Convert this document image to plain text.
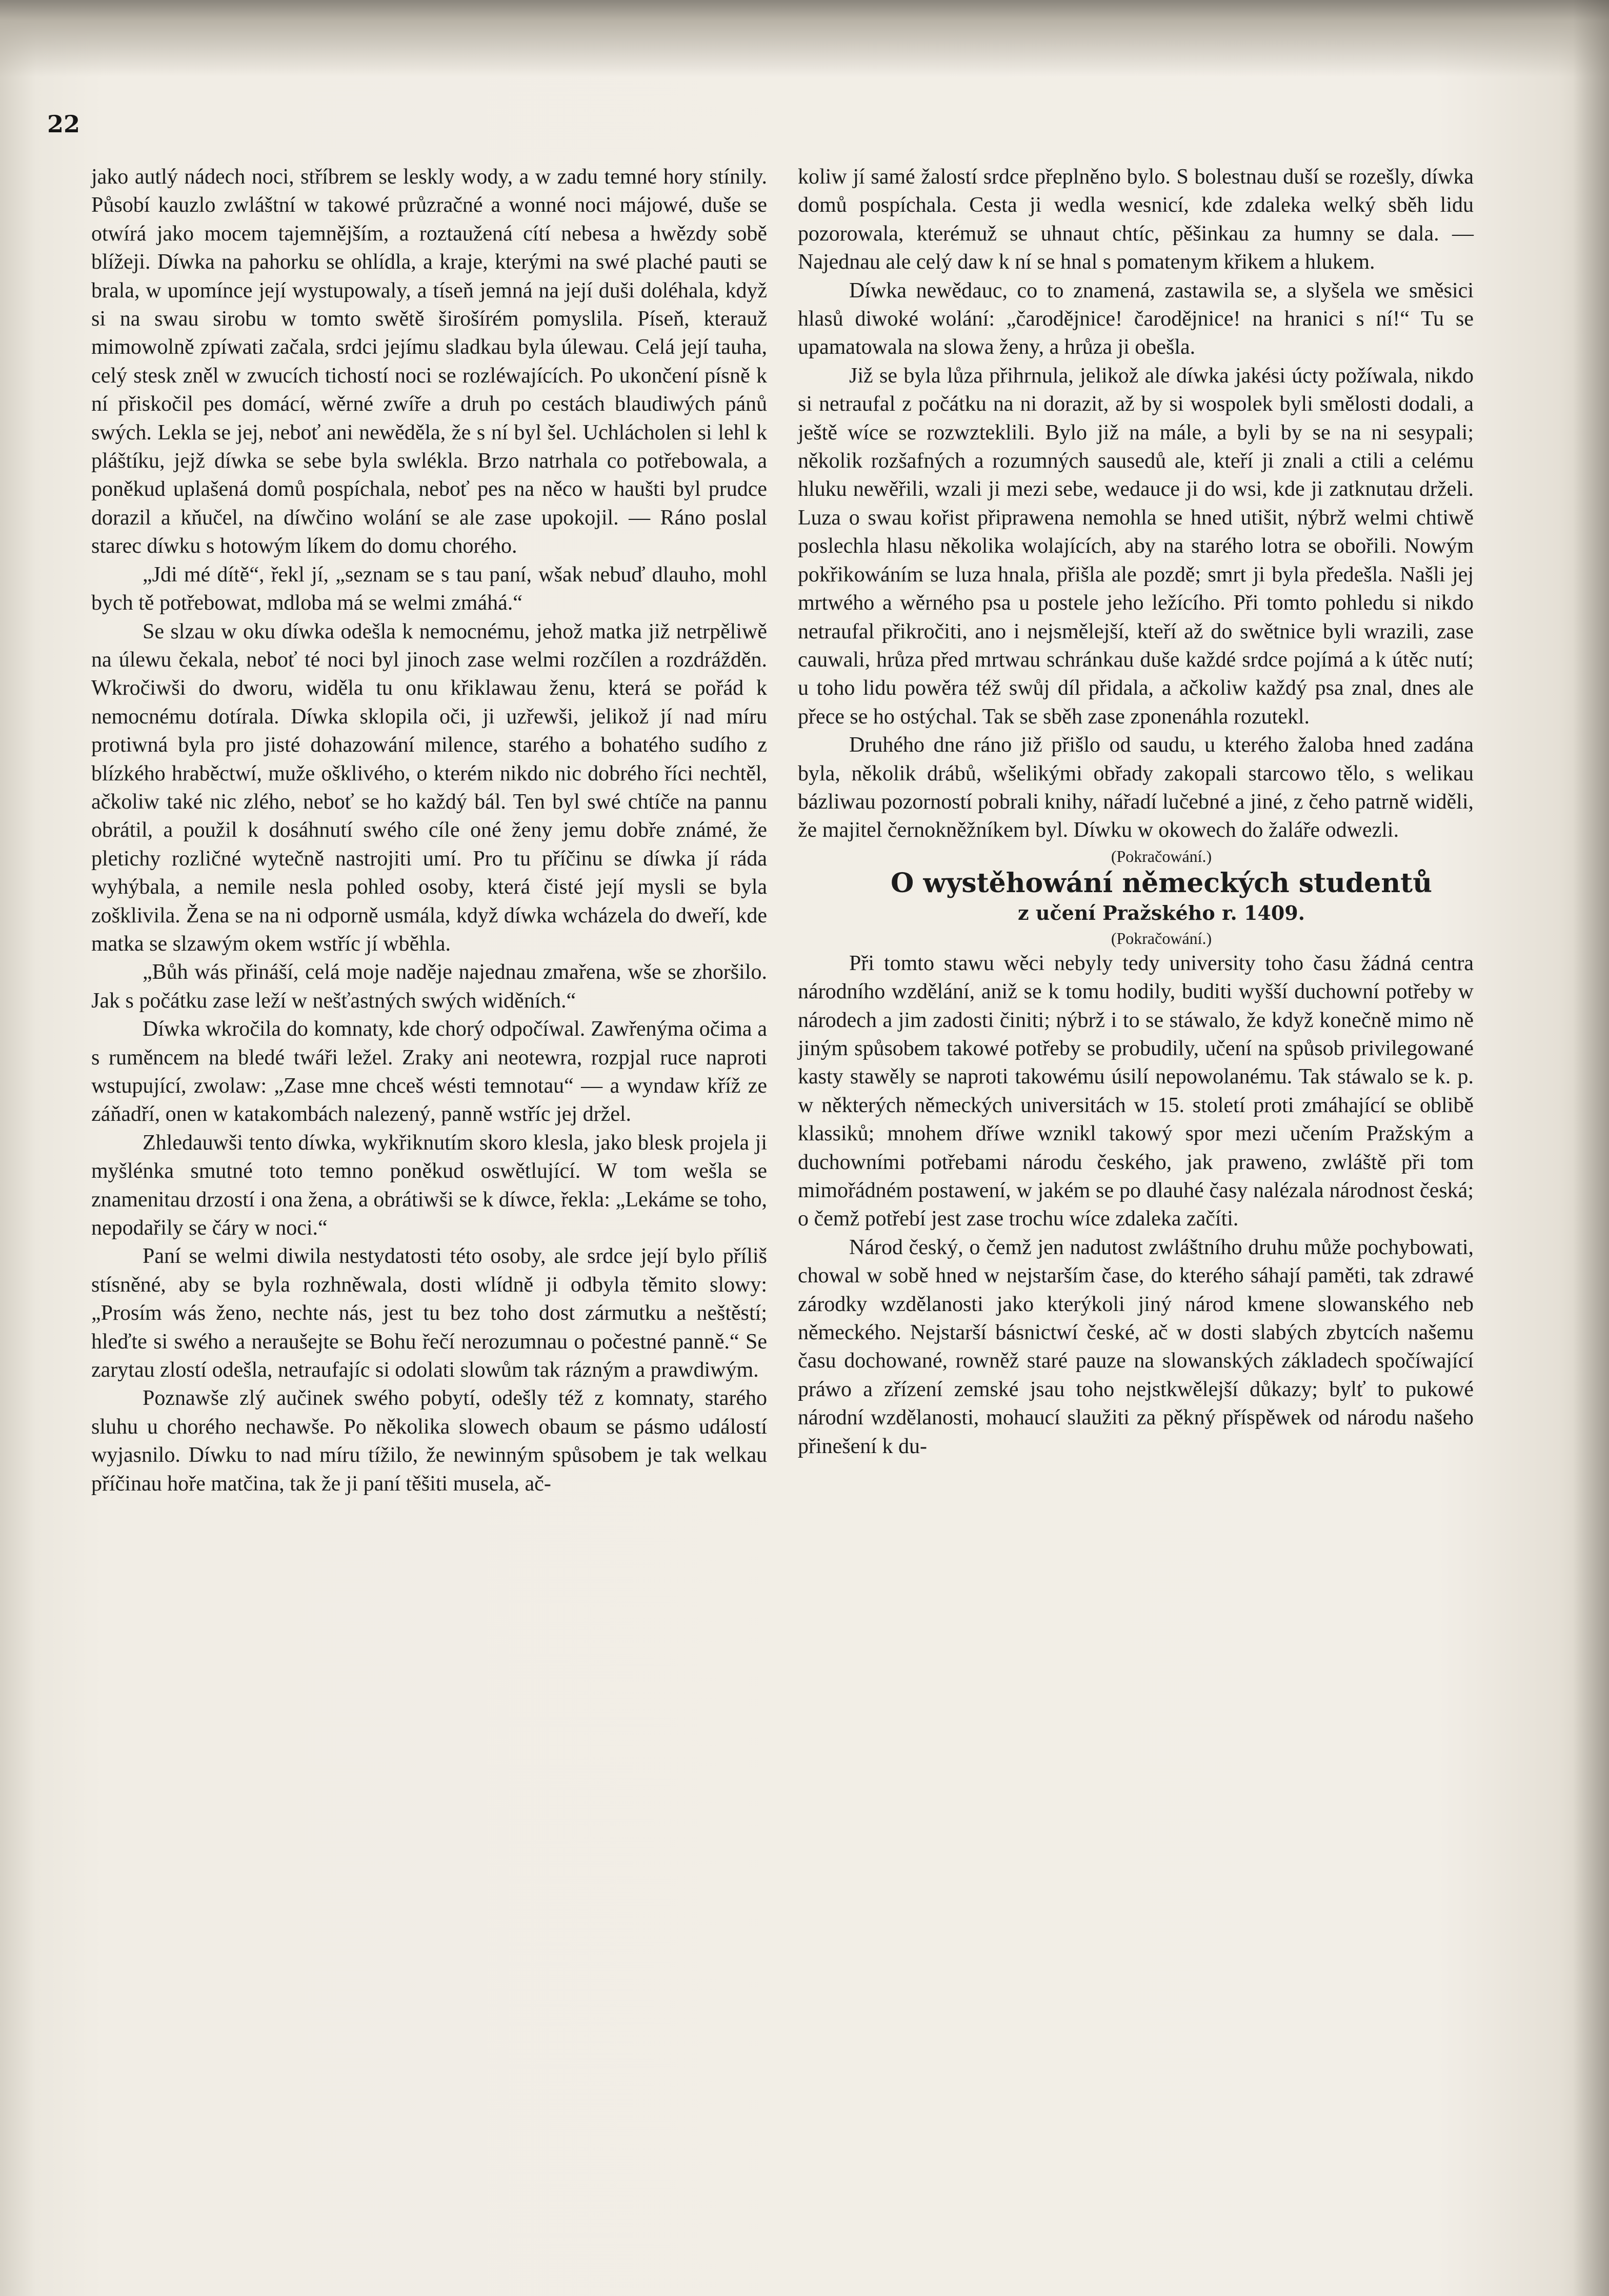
22

jako autlý nádech noci, stříbrem se leskly wody, a w zadu temné hory stínily. Působí kauzlo zwláštní w takowé průzračné a wonné noci májowé, duše se otwírá jako mocem tajemnějším, a roztaužená cítí nebesa a hwězdy sobě blížeji. Díwka na pahorku se ohlídla, a kraje, kterými na swé plaché pauti se brala, w upomínce její wystupowaly, a tíseň jemná na její duši doléhala, když si na swau sirobu w tomto swětě širošírém pomyslila. Píseň, kterauž mimowolně zpíwati začala, srdci jejímu sladkau byla úlewau. Celá její tauha, celý stesk zněl w zwucích tichostí noci se rozléwajících. Po ukončení písně k ní přiskočil pes domácí, wěrné zwíře a druh po cestách blaudiwých pánů swých. Lekla se jej, neboť ani newěděla, že s ní byl šel. Uchlácholen si lehl k pláštíku, jejž díwka se sebe byla swlékla. Brzo natrhala co potřebowala, a poněkud uplašená domů pospíchala, neboť pes na něco w haušti byl prudce dorazil a kňučel, na díwčino wolání se ale zase upokojil. — Ráno poslal starec díwku s hotowým líkem do domu chorého.

„Jdi mé dítě“, řekl jí, „seznam se s tau paní, wšak nebuď dlauho, mohl bych tě potřebowat, mdloba má se welmi zmáhá.“

Se slzau w oku díwka odešla k nemocnému, jehož matka již netrpěliwě na úlewu čekala, neboť té noci byl jinoch zase welmi rozčílen a rozdrážděn. Wkročiwši do dworu, widěla tu onu křiklawau ženu, která se pořád k nemocnému dotírala. Díwka sklopila oči, ji uzřewši, jelikož jí nad míru protiwná byla pro jisté dohazowání milence, starého a bohatého sudího z blízkého hraběctwí, muže ošklivého, o kterém nikdo nic dobrého říci nechtěl, ačkoliw také nic zlého, neboť se ho každý bál. Ten byl swé chtíče na pannu obrátil, a použil k dosáhnutí swého cíle oné ženy jemu dobře známé, že pletichy rozličné wytečně nastrojiti umí. Pro tu příčinu se díwka jí ráda wyhýbala, a nemile nesla pohled osoby, která čisté její mysli se byla zošklivila. Žena se na ni odporně usmála, když díwka wcházela do dweří, kde matka se slzawým okem wstříc jí wběhla.

„Bůh wás přináší, celá moje naděje najednau zmařena, wše se zhoršilo. Jak s počátku zase leží w nešťastných swých widěních.“

Díwka wkročila do komnaty, kde chorý odpočíwal. Zawřenýma očima a s ruměncem na bledé twáři ležel. Zraky ani neotewra, rozpjal ruce naproti wstupující, zwolaw: „Zase mne chceš wésti temnotau“ — a wyndaw kříž ze záňadří, onen w katakombách nalezený, panně wstříc jej držel.

Zhledauwši tento díwka, wykřiknutím skoro klesla, jako blesk projela ji myšlénka smutné toto temno poněkud oswětlující. W tom wešla se znamenitau drzostí i ona žena, a obrátiwši se k díwce, řekla: „Lekáme se toho, nepodařily se čáry w noci.“

Paní se welmi diwila nestydatosti této osoby, ale srdce její bylo příliš stísněné, aby se byla rozhněwala, dosti wlídně ji odbyla těmito slowy: „Prosím wás ženo, nechte nás, jest tu bez toho dost zármutku a neštěstí; hleďte si swého a neraušejte se Bohu řečí nerozumnau o počestné panně.“ Se zarytau zlostí odešla, netraufajíc si odolati slowům tak rázným a prawdiwým.

Poznawše zlý aučinek swého pobytí, odešly též z komnaty, starého sluhu u chorého nechawše. Po několika slowech obaum se pásmo událostí wyjasnilo. Díwku to nad míru tížilo, že newinným spůsobem je tak welkau příčinau hoře matčina, tak že ji paní těšiti musela, ač-

koliw jí samé žalostí srdce přeplněno bylo. S bolestnau duší se rozešly, díwka domů pospíchala. Cesta ji wedla wesnicí, kde zdaleka welký sběh lidu pozorowala, kterémuž se uhnaut chtíc, pěšinkau za humny se dala. — Najednau ale celý daw k ní se hnal s pomatenym křikem a hlukem.

Díwka newědauc, co to znamená, zastawila se, a slyšela we směsici hlasů diwoké wolání: „čarodějnice! čarodějnice! na hranici s ní!“ Tu se upamatowala na slowa ženy, a hrůza ji obešla.

Již se byla lůza přihrnula, jelikož ale díwka jakési úcty požíwala, nikdo si netraufal z počátku na ni dorazit, až by si wospolek byli smělosti dodali, a ještě wíce se rozwzteklili. Bylo již na mále, a byli by se na ni sesypali; několik rozšafných a rozumných sausedů ale, kteří ji znali a ctili a celému hluku newěřili, wzali ji mezi sebe, wedauce ji do wsi, kde ji zatknutau drželi. Luza o swau kořist připrawena nemohla se hned utišit, nýbrž welmi chtiwě poslechla hlasu několika wolajících, aby na starého lotra se obořili. Nowým pokřikowáním se luza hnala, přišla ale pozdě; smrt ji byla předešla. Našli jej mrtwého a wěrného psa u postele jeho ležícího. Při tomto pohledu si nikdo netraufal přikročiti, ano i nejsmělejší, kteří až do swětnice byli wrazili, zase cauwali, hrůza před mrtwau schránkau duše každé srdce pojímá a k útěc nutí; u toho lidu powěra též swůj díl přidala, a ačkoliw každý psa znal, dnes ale přece se ho ostýchal. Tak se sběh zase zponenáhla rozutekl.

Druhého dne ráno již přišlo od saudu, u kterého žaloba hned zadána byla, několik drábů, wšelikými obřady zakopali starcowo tělo, s welikau bázliwau pozorností pobrali knihy, nářadí lučebné a jiné, z čeho patrně widěli, že majitel černokněžníkem byl. Díwku w okowech do žaláře odwezli.

(Pokračowání.)

O wystěhowání německých studentů

z učení Pražského r. 1409.

(Pokračowání.)

Při tomto stawu wěci nebyly tedy university toho času žádná centra národního wzdělání, aniž se k tomu hodily, buditi wyšší duchowní potřeby w národech a jim zadosti činiti; nýbrž i to se stáwalo, že když konečně mimo ně jiným spůsobem takowé potřeby se probudily, učení na spůsob privilegowané kasty stawěly se naproti takowému úsilí nepowolanému. Tak stáwalo se k. p. w některých německých universitách w 15. století proti zmáhající se oblibě klassiků; mnohem dříwe wznikl takowý spor mezi učením Pražským a duchowními potřebami národu českého, jak praweno, zwláště při tom mimořádném postawení, w jakém se po dlauhé časy nalézala národnost česká; o čemž potřebí jest zase trochu wíce zdaleka začíti.

Národ český, o čemž jen nadutost zwláštního druhu může pochybowati, chowal w sobě hned w nejstarším čase, do kterého sáhají paměti, tak zdrawé zárodky wzdělanosti jako kterýkoli jiný národ kmene slowanského neb německého. Nejstarší básnictwí české, ač w dosti slabých zbytcích našemu času dochowané, rowněž staré pauze na slowanských základech spočíwající práwo a zřízení zemské jsau toho nejstkwělejší důkazy; bylť to pukowé národní wzdělanosti, mohaucí slaužiti za pěkný příspěwek od národu našeho přinešení k du-
